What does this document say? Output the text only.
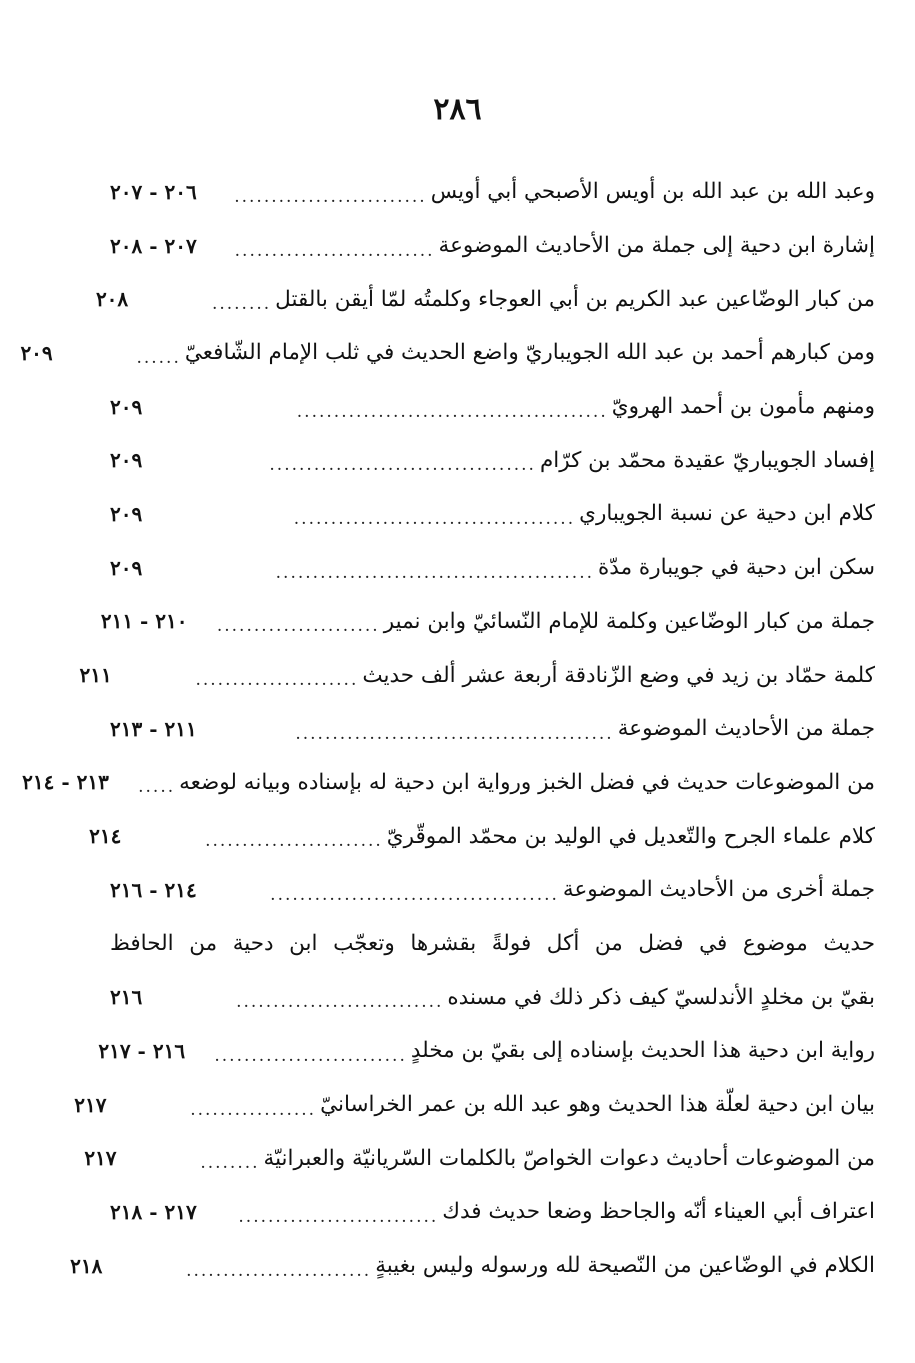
٢٨٦
وعبد الله بن عبد الله بن أويس الأصبحي أبي أويس
..........................
٢٠٦ - ٢٠٧
إشارة ابن دحية إلى جملة من الأحاديث الموضوعة
...........................
٢٠٧ - ٢٠٨
من كبار الوضّاعين عبد الكريم بن أبي العوجاء وكلمتُه لمّا أيقن بالقتل
........
٢٠٨
ومن كبارهم أحمد بن عبد الله الجويباريّ واضع الحديث في ثلب الإمام الشّافعيّ
......
٢٠٩
ومنهم مأمون بن أحمد الهرويّ
..........................................
٢٠٩
إفساد الجويباريّ عقيدة محمّد بن كرّام
....................................
٢٠٩
كلام ابن دحية عن نسبة الجويباري
......................................
٢٠٩
سكن ابن دحية في جويبارة مدّة
...........................................
٢٠٩
جملة من كبار الوضّاعين وكلمة للإمام النّسائيّ وابن نمير
......................
٢١٠ - ٢١١
كلمة حمّاد بن زيد في وضع الزّنادقة أربعة عشر ألف حديث
......................
٢١١
جملة من الأحاديث الموضوعة
...........................................
٢١١ - ٢١٣
من الموضوعات حديث في فضل الخبز ورواية ابن دحية له بإسناده وبيانه لوضعه
.....
٢١٣ - ٢١٤
كلام علماء الجرح والتّعديل في الوليد بن محمّد الموقّريّ
........................
٢١٤
جملة أخرى من الأحاديث الموضوعة
.......................................
٢١٤ - ٢١٦
حديث موضوع في فضل من أكل فولةً بقشرها وتعجّب ابن دحية من الحافظ
بقيّ بن مخلدٍ الأندلسيّ كيف ذكر ذلك في مسنده
............................
٢١٦
رواية ابن دحية هذا الحديث بإسناده إلى بقيّ بن مخلدٍ
..........................
٢١٦ - ٢١٧
بيان ابن دحية لعلّة هذا الحديث وهو عبد الله بن عمر الخراسانيّ
.................
٢١٧
من الموضوعات أحاديث دعوات الخواصّ بالكلمات السّريانيّة والعبرانيّة
........
٢١٧
اعتراف أبي العيناء أنّه والجاحظ وضعا حديث فدك
...........................
٢١٧ - ٢١٨
الكلام في الوضّاعين من النّصيحة لله ورسوله وليس بغيبةٍ
.........................
٢١٨
